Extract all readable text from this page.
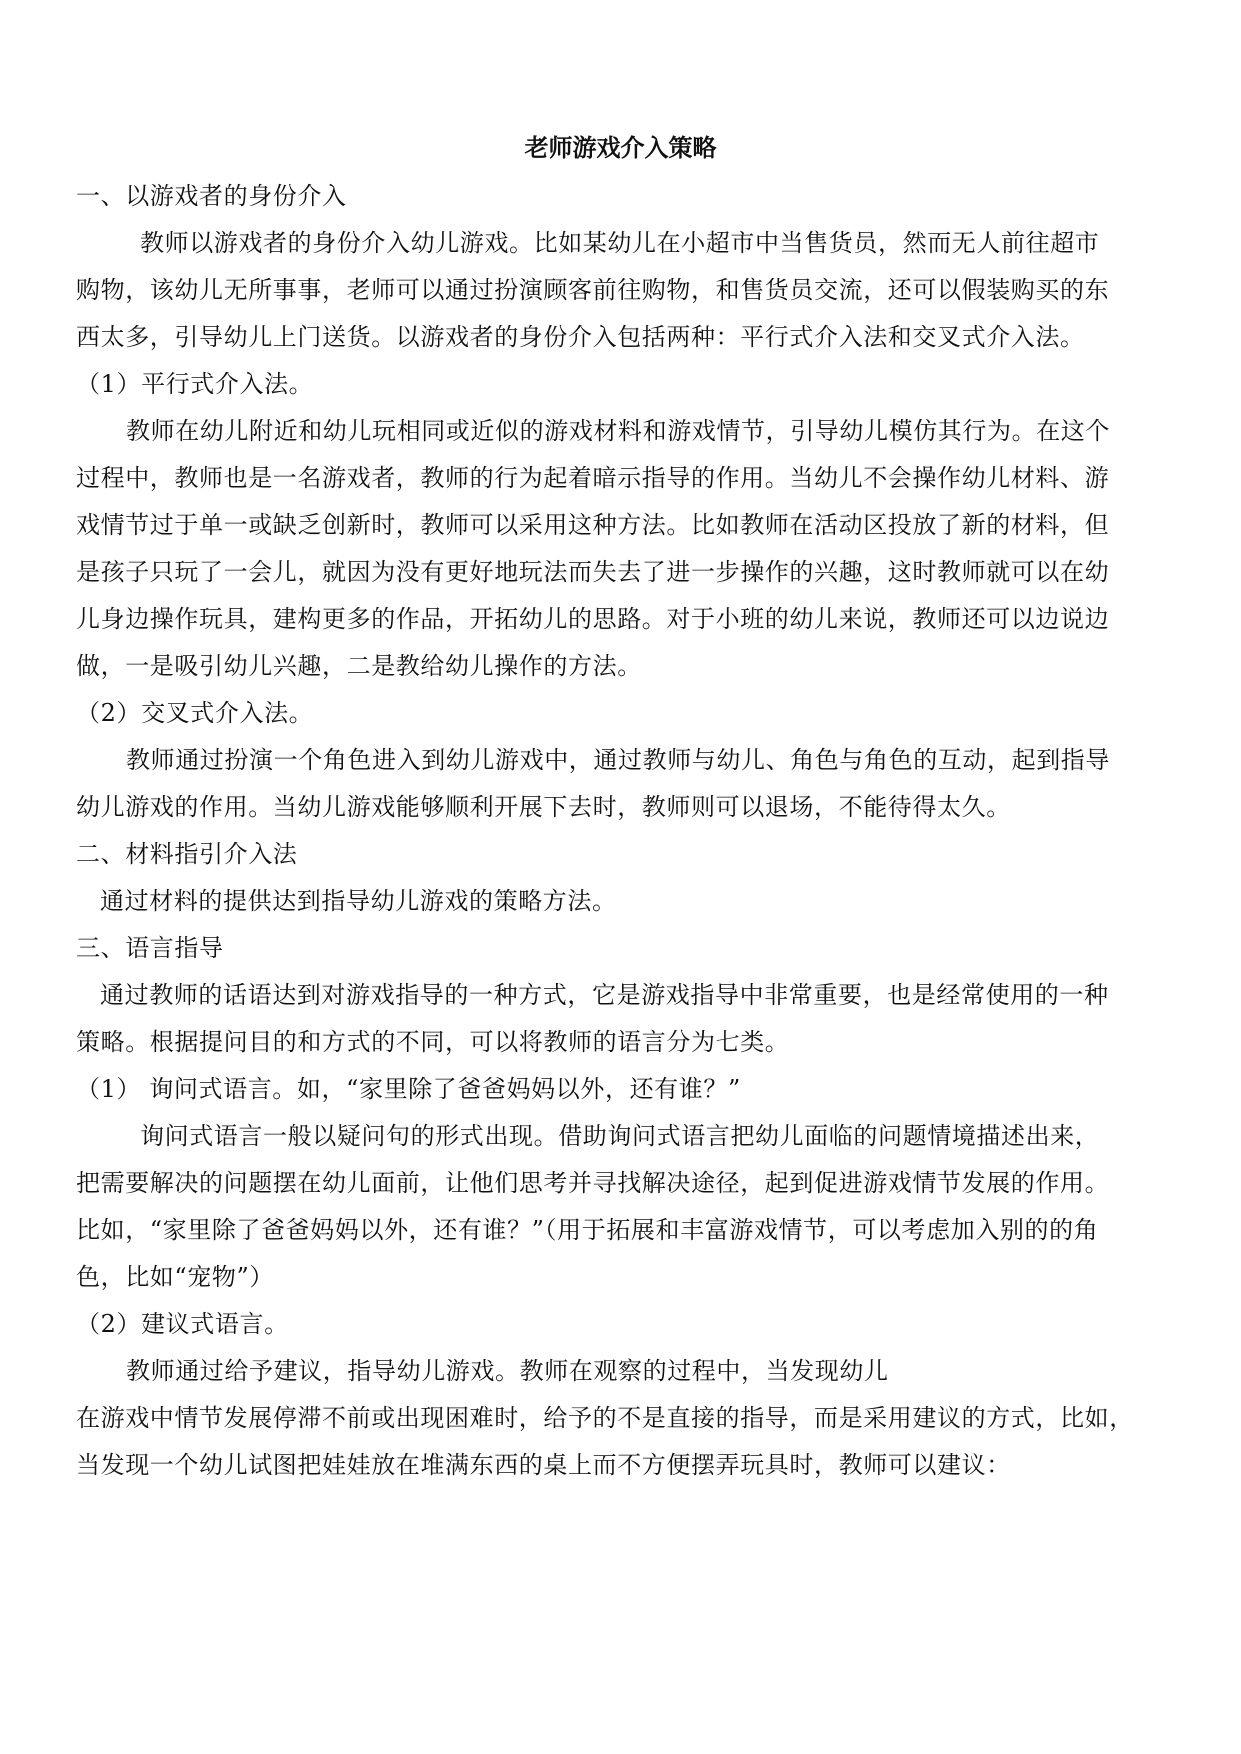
老师游戏介入策略
一、以游戏者的身份介入
教师以游戏者的身份介入幼儿游戏。比如某幼儿在小超市中当售货员，然而无人前往超市
购物，该幼儿无所事事，老师可以通过扮演顾客前往购物，和售货员交流，还可以假装购买的东
西太多，引导幼儿上门送货。以游戏者的身份介入包括两种：平行式介入法和交叉式介入法。
（1）平行式介入法。
教师在幼儿附近和幼儿玩相同或近似的游戏材料和游戏情节，引导幼儿模仿其行为。在这个
过程中，教师也是一名游戏者，教师的行为起着暗示指导的作用。当幼儿不会操作幼儿材料、游
戏情节过于单一或缺乏创新时，教师可以采用这种方法。比如教师在活动区投放了新的材料，但
是孩子只玩了一会儿，就因为没有更好地玩法而失去了进一步操作的兴趣，这时教师就可以在幼
儿身边操作玩具，建构更多的作品，开拓幼儿的思路。对于小班的幼儿来说，教师还可以边说边
做，一是吸引幼儿兴趣，二是教给幼儿操作的方法。
（2）交叉式介入法。
教师通过扮演一个角色进入到幼儿游戏中，通过教师与幼儿、角色与角色的互动，起到指导
幼儿游戏的作用。当幼儿游戏能够顺利开展下去时，教师则可以退场，不能待得太久。
二、材料指引介入法
通过材料的提供达到指导幼儿游戏的策略方法。
三、语言指导
通过教师的话语达到对游戏指导的一种方式，它是游戏指导中非常重要，也是经常使用的一种
策略。根据提问目的和方式的不同，可以将教师的语言分为七类。
（1） 询问式语言。如，“家里除了爸爸妈妈以外，还有谁？”
询问式语言一般以疑问句的形式出现。借助询问式语言把幼儿面临的问题情境描述出来，
把需要解决的问题摆在幼儿面前，让他们思考并寻找解决途径，起到促进游戏情节发展的作用。
比如，“家里除了爸爸妈妈以外，还有谁？”（用于拓展和丰富游戏情节，可以考虑加入别的的角
色，比如“宠物”）
（2）建议式语言。
教师通过给予建议，指导幼儿游戏。教师在观察的过程中，当发现幼儿
在游戏中情节发展停滞不前或出现困难时，给予的不是直接的指导，而是采用建议的方式，比如，
当发现一个幼儿试图把娃娃放在堆满东西的桌上而不方便摆弄玩具时，教师可以建议：
